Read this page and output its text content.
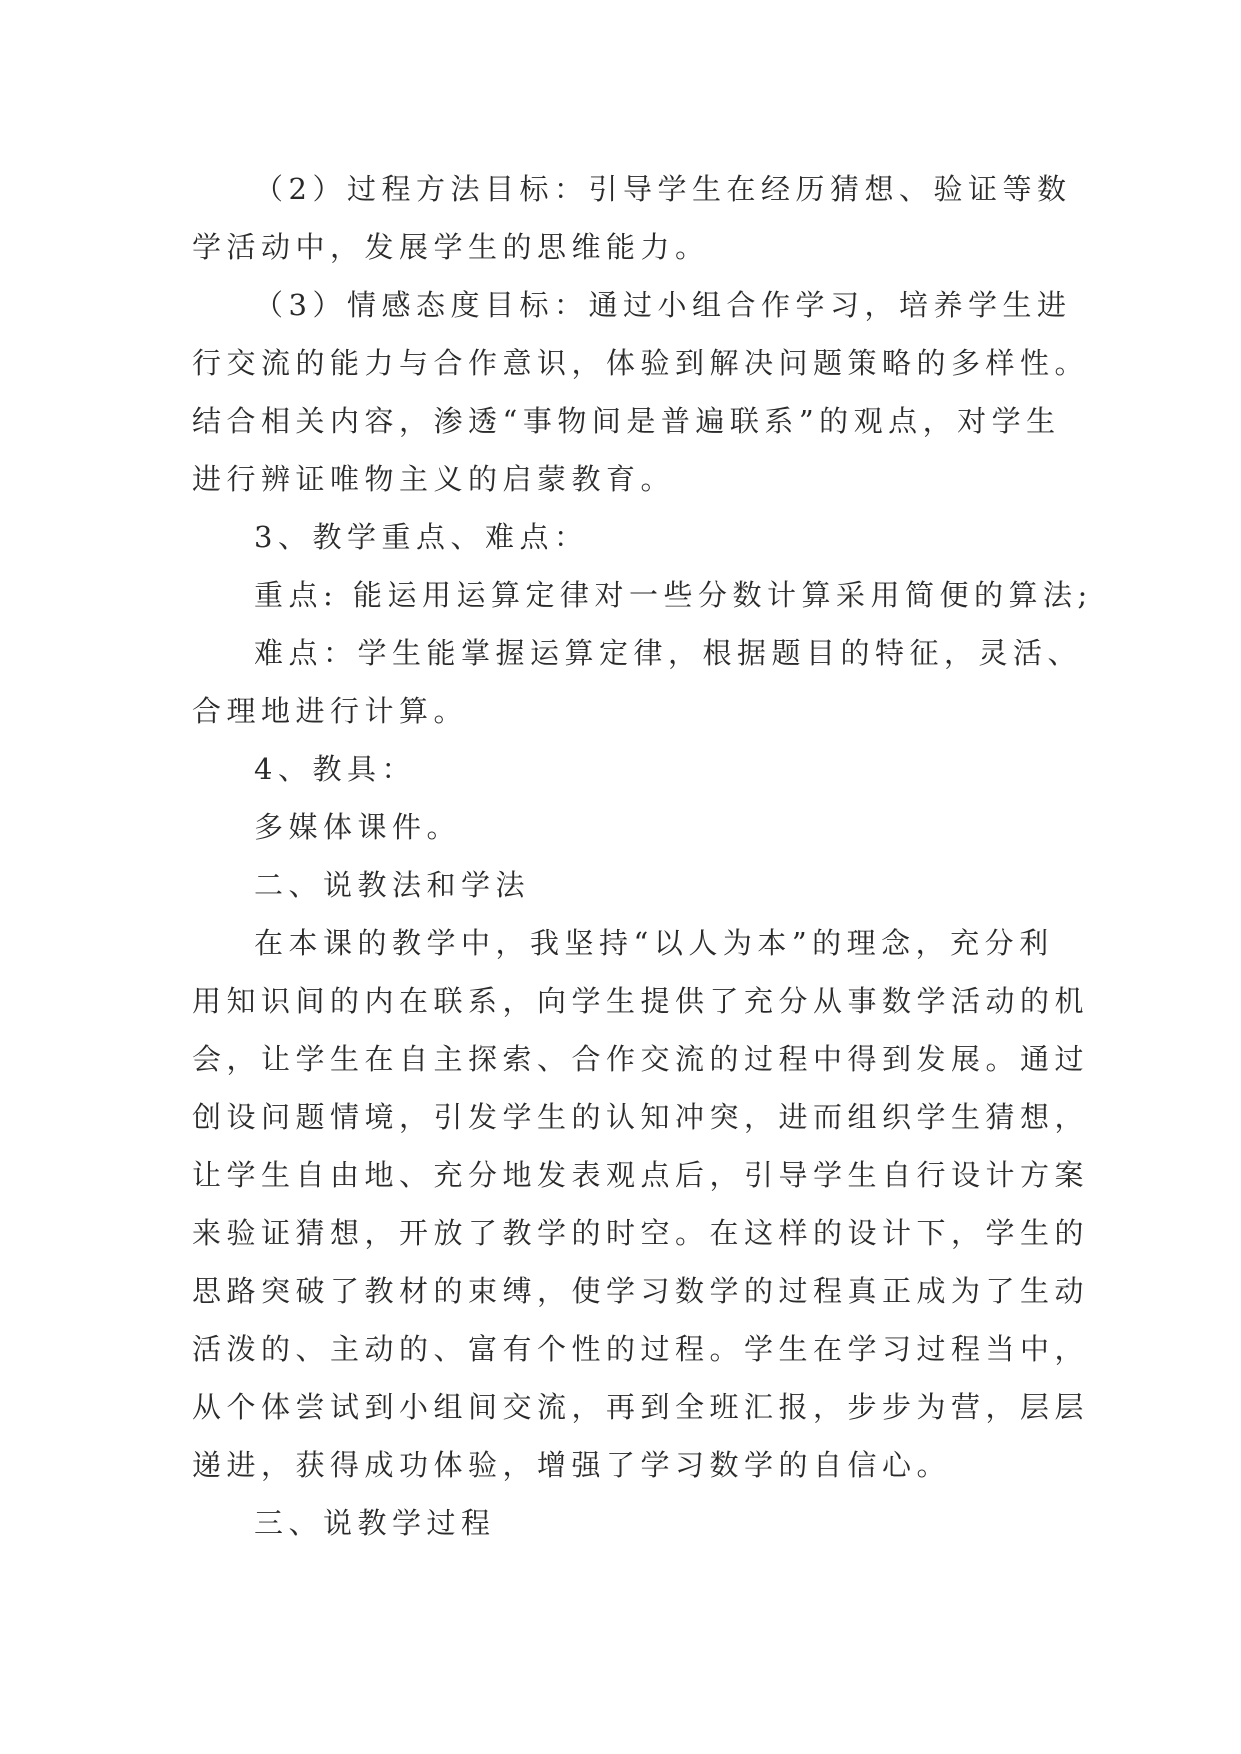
（2）过程方法目标：引导学生在经历猜想、验证等数
学活动中，发展学生的思维能力。
（3）情感态度目标：通过小组合作学习，培养学生进
行交流的能力与合作意识，体验到解决问题策略的多样性。
结合相关内容，渗透“事物间是普遍联系”的观点，对学生
进行辨证唯物主义的启蒙教育。
3、教学重点、难点：
重点: 能运用运算定律对一些分数计算采用简便的算法;
难点：学生能掌握运算定律，根据题目的特征，灵活、
合理地进行计算。
4、教具：
多媒体课件。
二、说教法和学法
在本课的教学中，我坚持“以人为本”的理念，充分利
用知识间的内在联系，向学生提供了充分从事数学活动的机
会，让学生在自主探索、合作交流的过程中得到发展。通过
创设问题情境，引发学生的认知冲突，进而组织学生猜想，
让学生自由地、充分地发表观点后，引导学生自行设计方案
来验证猜想，开放了教学的时空。在这样的设计下，学生的
思路突破了教材的束缚，使学习数学的过程真正成为了生动
活泼的、主动的、富有个性的过程。学生在学习过程当中，
从个体尝试到小组间交流，再到全班汇报，步步为营，层层
递进，获得成功体验，增强了学习数学的自信心。
三、说教学过程
